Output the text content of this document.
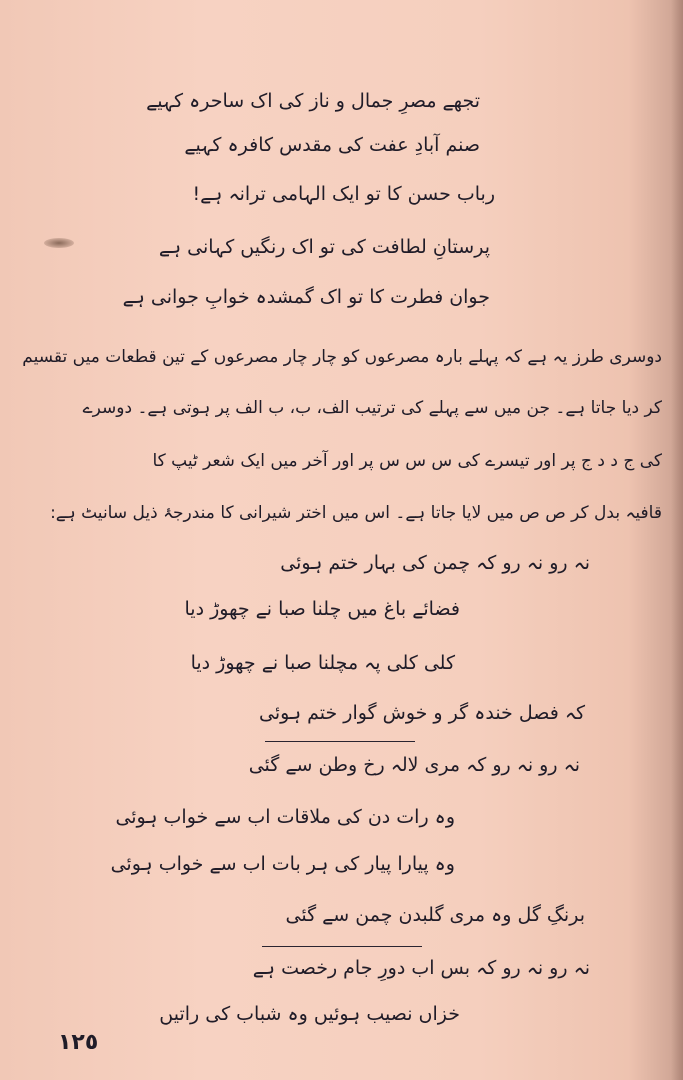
تجھے مصرِ جمال و ناز کی اک ساحرہ کہیے
صنم آبادِ عفت کی مقدس کافرہ کہیے
رباب حسن کا تو ایک الہامی ترانہ ہے!
پرستانِ لطافت کی تو اک رنگیں کہانی ہے
جوان فطرت کا تو اک گمشدہ خوابِ جوانی ہے
دوسری طرز یہ ہے کہ پہلے بارہ مصرعوں کو چار چار مصرعوں کے تین قطعات میں تقسیم
کر دیا جاتا ہے۔ جن میں سے پہلے کی ترتیب الف، ب، ب الف پر ہوتی ہے۔ دوسرے
کی ج د د ج پر اور تیسرے کی س س س پر اور آخر میں ایک شعر ٹیپ کا
قافیہ بدل کر ص ص میں لایا جاتا ہے۔ اس میں اختر شیرانی کا مندرجۂ ذیل سانیٹ ہے:
نہ رو نہ رو کہ چمن کی بہار ختم ہوئی
فضائے باغ میں چلنا صبا نے چھوڑ دیا
کلی کلی پہ مچلنا صبا نے چھوڑ دیا
کہ فصل خندہ گر و خوش گوار ختم ہوئی
نہ رو نہ رو کہ مری لالہ رخ وطن سے گئی
وہ رات دن کی ملاقات اب سے خواب ہوئی
وہ پیارا پیار کی ہر بات اب سے خواب ہوئی
برنگِ گل وہ مری گلبدن چمن سے گئی
نہ رو نہ رو کہ بس اب دورِ جام رخصت ہے
خزاں نصیب ہوئیں وہ شباب کی راتیں
١٢٥
